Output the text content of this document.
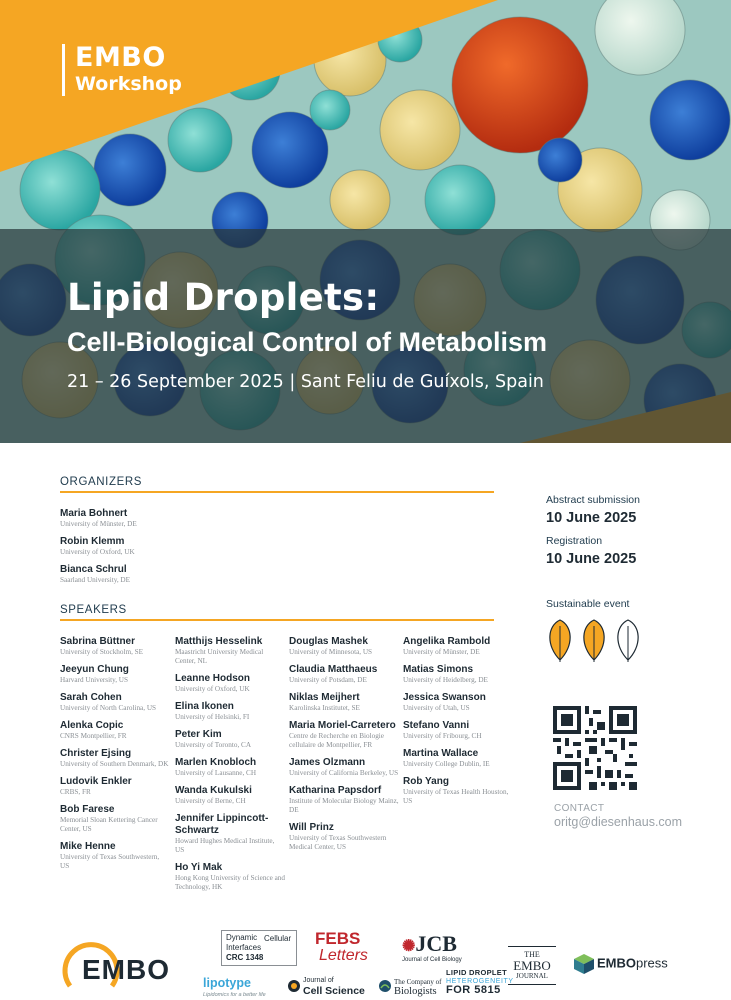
EMBO
Workshop
Lipid Droplets:
Cell-Biological Control of Metabolism
21 – 26 September 2025 | Sant Feliu de Guíxols, Spain
ORGANIZERS
Maria Bohnert
University of Münster, DE
Robin Klemm
University of Oxford, UK
Bianca Schrul
Saarland University, DE
SPEAKERS
Sabrina Büttner
University of Stockholm, SE
Jeeyun Chung
Harvard University, US
Sarah Cohen
University of North Carolina, US
Alenka Copic
CNRS Montpellier, FR
Christer Ejsing
University of Southern Denmark, DK
Ludovik Enkler
CRBS, FR
Bob Farese
Memorial Sloan Kettering Cancer Center, US
Mike Henne
University of Texas Southwestern, US
Matthijs Hesselink
Maastricht University Medical Center, NL
Leanne Hodson
University of Oxford, UK
Elina Ikonen
University of Helsinki, FI
Peter Kim
University of Toronto, CA
Marlen Knobloch
University of Lausanne, CH
Wanda Kukulski
University of Berne, CH
Jennifer Lippincott-Schwartz
Howard Hughes Medical Institute, US
Ho Yi Mak
Hong Kong University of Science and Technology, HK
Douglas Mashek
University of Minnesota, US
Claudia Matthaeus
University of Potsdam, DE
Niklas Meijhert
Karolinska Institutet, SE
Maria Moriel-Carretero
Centre de Recherche en Biologie cellulaire de Montpellier, FR
James Olzmann
University of California Berkeley, US
Katharina Papsdorf
Institute of Molecular Biology Mainz, DE
Will Prinz
University of Texas Southwestern Medical Center, US
Angelika Rambold
University of Münster, DE
Matias Simons
University of Heidelberg, DE
Jessica Swanson
University of Utah, US
Stefano Vanni
University of Fribourg, CH
Martina Wallace
University College Dublin, IE
Rob Yang
University of Texas Health Houston, US
Abstract submission
10 June 2025
Registration
10 June 2025
Sustainable event
CONTACT
oritg@diesenhaus.com
EMBO
Dynamic Cellular
Interfaces
CRC 1348
FEBS
Letters
✺JCB
Journal of Cell Biology
THE
EMBO
JOURNAL
EMBOpress
lipotype
Lipidomics for a better life
Journal of
Cell Science
The Company of
Biologists
LIPID DROPLET
HETEROGENEITY
FOR 5815
